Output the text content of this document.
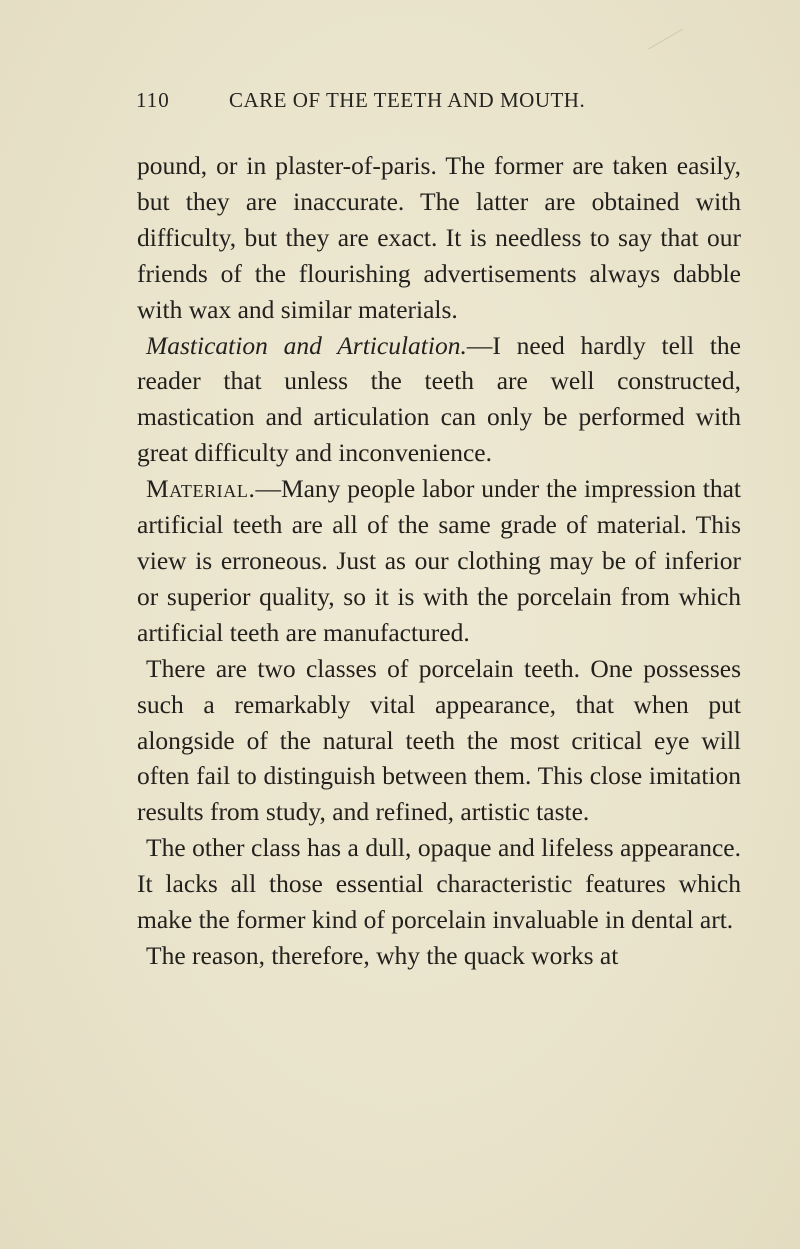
110	CARE OF THE TEETH AND MOUTH.

pound, or in plaster-of-paris. The former are taken easily, but they are inaccurate. The latter are obtained with difficulty, but they are exact. It is needless to say that our friends of the flourishing advertisements always dabble with wax and similar materials.

Mastication and Articulation.—I need hardly tell the reader that unless the teeth are well constructed, mastication and articulation can only be performed with great difficulty and inconvenience.

Material.—Many people labor under the impression that artificial teeth are all of the same grade of material. This view is erroneous. Just as our clothing may be of inferior or superior quality, so it is with the porcelain from which artificial teeth are manufactured.

There are two classes of porcelain teeth. One possesses such a remarkably vital appearance, that when put alongside of the natural teeth the most critical eye will often fail to distinguish between them. This close imitation results from study, and refined, artistic taste.

The other class has a dull, opaque and lifeless appearance. It lacks all those essential characteristic features which make the former kind of porcelain invaluable in dental art.

The reason, therefore, why the quack works at
